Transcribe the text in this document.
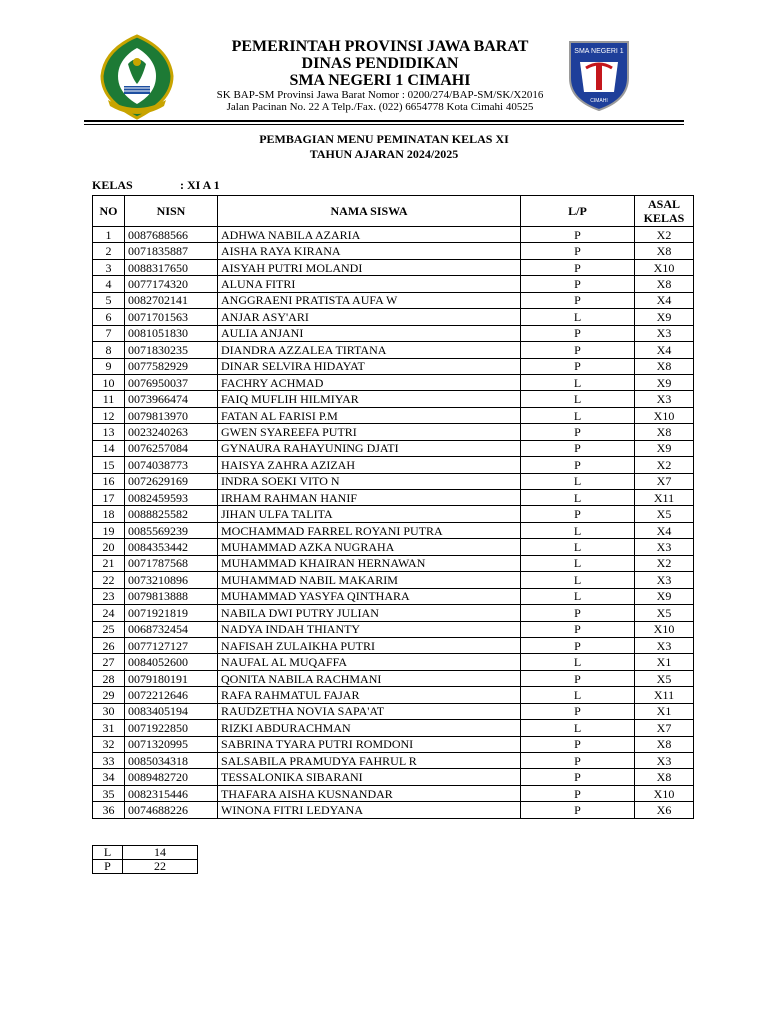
PEMERINTAH PROVINSI JAWA BARAT
DINAS PENDIDIKAN
SMA NEGERI 1 CIMAHI
SK BAP-SM Provinsi Jawa Barat Nomor : 0200/274/BAP-SM/SK/X2016
Jalan Pacinan No. 22 A Telp./Fax. (022) 6654778 Kota Cimahi 40525
SMA NEGERI 1
CIMAHI
PEMBAGIAN MENU PEMINATAN KELAS XI
TAHUN AJARAN 2024/2025
KELAS	: XI A 1
NO	NISN	NAMA SISWA	L/P	ASAL
KELAS
1	0087688566	ADHWA NABILA AZARIA	P	X2
2	0071835887	AISHA RAYA KIRANA	P	X8
3	0088317650	AISYAH PUTRI MOLANDI	P	X10
4	0077174320	ALUNA FITRI	P	X8
5	0082702141	ANGGRAENI PRATISTA AUFA W	P	X4
6	0071701563	ANJAR ASY'ARI	L	X9
7	0081051830	AULIA ANJANI	P	X3
8	0071830235	DIANDRA AZZALEA TIRTANA	P	X4
9	0077582929	DINAR SELVIRA HIDAYAT	P	X8
10	0076950037	FACHRY ACHMAD	L	X9
11	0073966474	FAIQ MUFLIH HILMIYAR	L	X3
12	0079813970	FATAN AL FARISI P.M	L	X10
13	0023240263	GWEN SYAREEFA PUTRI	P	X8
14	0076257084	GYNAURA RAHAYUNING DJATI	P	X9
15	0074038773	HAISYA ZAHRA AZIZAH	P	X2
16	0072629169	INDRA SOEKI VITO N	L	X7
17	0082459593	IRHAM RAHMAN HANIF	L	X11
18	0088825582	JIHAN ULFA TALITA	P	X5
19	0085569239	MOCHAMMAD FARREL ROYANI PUTRA	L	X4
20	0084353442	MUHAMMAD AZKA NUGRAHA	L	X3
21	0071787568	MUHAMMAD KHAIRAN HERNAWAN	L	X2
22	0073210896	MUHAMMAD NABIL MAKARIM	L	X3
23	0079813888	MUHAMMAD YASYFA QINTHARA	L	X9
24	0071921819	NABILA DWI PUTRY JULIAN	P	X5
25	0068732454	NADYA INDAH THIANTY	P	X10
26	0077127127	NAFISAH ZULAIKHA PUTRI	P	X3
27	0084052600	NAUFAL AL MUQAFFA	L	X1
28	0079180191	QONITA NABILA RACHMANI	P	X5
29	0072212646	RAFA RAHMATUL FAJAR	L	X11
30	0083405194	RAUDZETHA NOVIA SAPA'AT	P	X1
31	0071922850	RIZKI ABDURACHMAN	L	X7
32	0071320995	SABRINA TYARA PUTRI ROMDONI	P	X8
33	0085034318	SALSABILA PRAMUDYA FAHRUL R	P	X3
34	0089482720	TESSALONIKA SIBARANI	P	X8
35	0082315446	THAFARA AISHA KUSNANDAR	P	X10
36	0074688226	WINONA FITRI LEDYANA	P	X6
L	14
P	22
